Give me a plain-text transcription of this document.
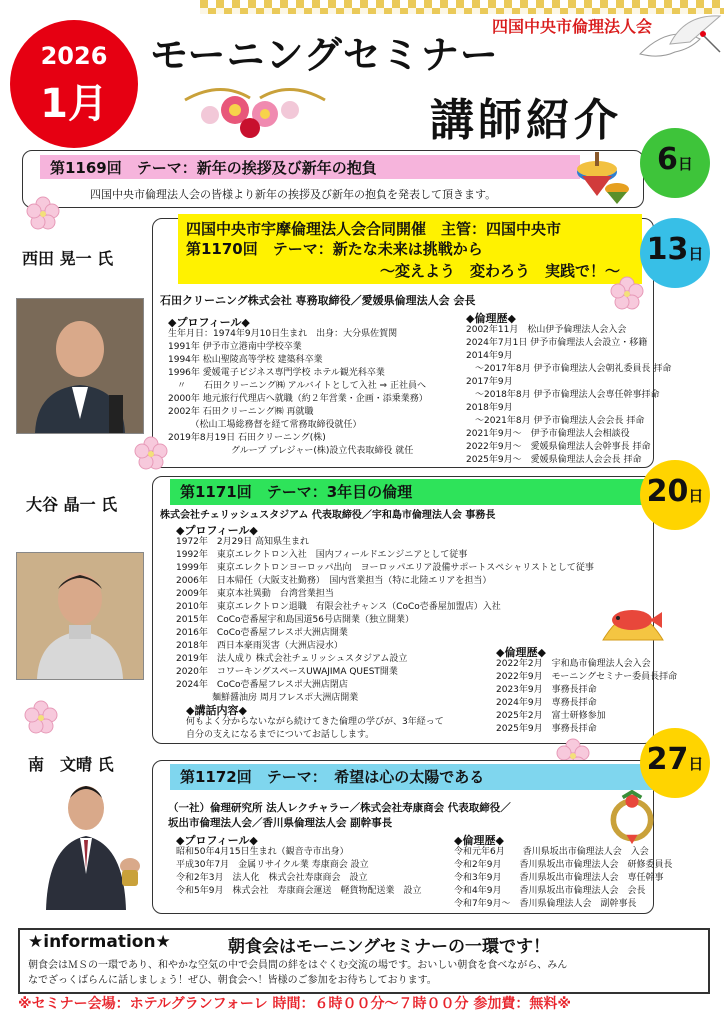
四国中央市倫理法人会
2026
1月
モーニングセミナー
講師紹介
第1169回　テーマ：新年の挨拶及び新年の抱負
四国中央市倫理法人会の皆様より新年の挨拶及び新年の抱負を発表して頂きます。
6日
西田 晃一 氏
四国中央市宇摩倫理法人会合同開催　主管：四国中央市
第1170回　テーマ：新たな未来は挑戦から
～変えよう　変わろう　実践で！～
13日
石田クリーニング株式会社 専務取締役／愛媛県倫理法人会 会長
◆プロフィール◆
生年月日：1974年9月10日生まれ　出身：大分県佐賀関
1991年 伊予市立港南中学校卒業
1994年 松山聖陵高等学校 建築科卒業
1996年 愛媛電子ビジネス専門学校 ホテル観光科卒業
　〃　　石田クリーニング㈱ アルバイトとして入社 ⇒ 正社員へ
2000年 地元旅行代理店へ就職（約２年営業・企画・添乗業務）
2002年 石田クリーニング㈱ 再就職
　　　（松山工場総務督を経て常務取締役就任）
2019年8月19日 石田クリーニング(株)
　　　　　　　グループ プレジャー(株)設立代表取締役 就任
◆倫理歴◆
2002年11月　松山伊予倫理法人会入会
2024年7月1日 伊予市倫理法人会設立・移籍
2014年9月
　～2017年8月 伊予市倫理法人会朝礼委員長 拝命
2017年9月
　～2018年8月 伊予市倫理法人会専任幹事拝命
2018年9月
　～2021年8月 伊予市倫理法人会会長 拝命
2021年9月～　伊予市倫理法人会相談役
2022年9月～　愛媛県倫理法人会幹事長 拝命
2025年9月～　愛媛県倫理法人会会長 拝命
大谷 晶一 氏
第1171回　テーマ：3年目の倫理	20日
株式会社チェリッシュスタジアム 代表取締役／宇和島市倫理法人会 事務長
◆プロフィール◆
1972年　2月29日 高知県生まれ
1992年　東京エレクトロン入社　国内フィールドエンジニアとして従事
1999年　東京エレクトロンヨーロッパ出向　ヨーロッパエリア設備サポートスペシャリストとして従事
2006年　日本帰任（大阪支社勤務）　国内営業担当（特に北陸エリアを担当）
2009年　東京本社異動　台湾営業担当
2010年　東京エレクトロン退職　有限会社チャンス（CoCo壱番屋加盟店）入社
2015年　CoCo壱番屋宇和島国道56号店開業（独立開業）
2016年　CoCo壱番屋フレスポ大洲店開業
2018年　西日本豪雨災害（大洲店浸水）
2019年　法人成り 株式会社チェリッシュスタジアム設立
2020年　コワーキングスペースUWAJIMA QUEST開業
2024年　CoCo壱番屋フレスポ大洲店閉店
　　　　麺鮮醤油房 周月フレスポ大洲店開業
◆倫理歴◆
2022年2月　宇和島市倫理法人会入会
2022年9月　モーニングセミナー委員長拝命
2023年9月　事務長拝命
2024年9月　専務長拝命
2025年2月　富士研修参加
2025年9月　事務長拝命
◆講話内容◆
何もよく分からないながら続けてきた倫理の学びが、3年経って
自分の支えになるまでについてお話しします。
南　文晴 氏
第1172回　テーマ：　希望は心の太陽である	27日
（一社）倫理研究所 法人レクチャラー／株式会社寿康商会 代表取締役／
坂出市倫理法人会／香川県倫理法人会 副幹事長
◆プロフィール◆
昭和50年4月15日生まれ（観音寺市出身）
平成30年7月　金属リサイクル業 寿康商会 設立
令和2年3月　法人化　株式会社寿康商会　設立
令和5年9月　株式会社　寿康商会運送　軽貨物配送業　設立
◆倫理歴◆
令和元年6月　　香川県坂出市倫理法人会　入会
令和2年9月　　香川県坂出市倫理法人会　研修委員長
令和3年9月　　香川県坂出市倫理法人会　専任幹事
令和4年9月　　香川県坂出市倫理法人会　会長
令和7年9月～　香川県倫理法人会　副幹事長
★information★	朝食会はモーニングセミナーの一環です！
朝食会はＭＳの一環であり、和やかな空気の中で会員間の絆をはぐくむ交流の場です。おいしい朝食を食べながら、みん
なでざっくばらんに話しましょう！ぜひ、朝食会へ！皆様のご参加をお待ちしております。
※セミナー会場：ホテルグランフォーレ 時間：６時００分～７時００分 参加費：無料※
